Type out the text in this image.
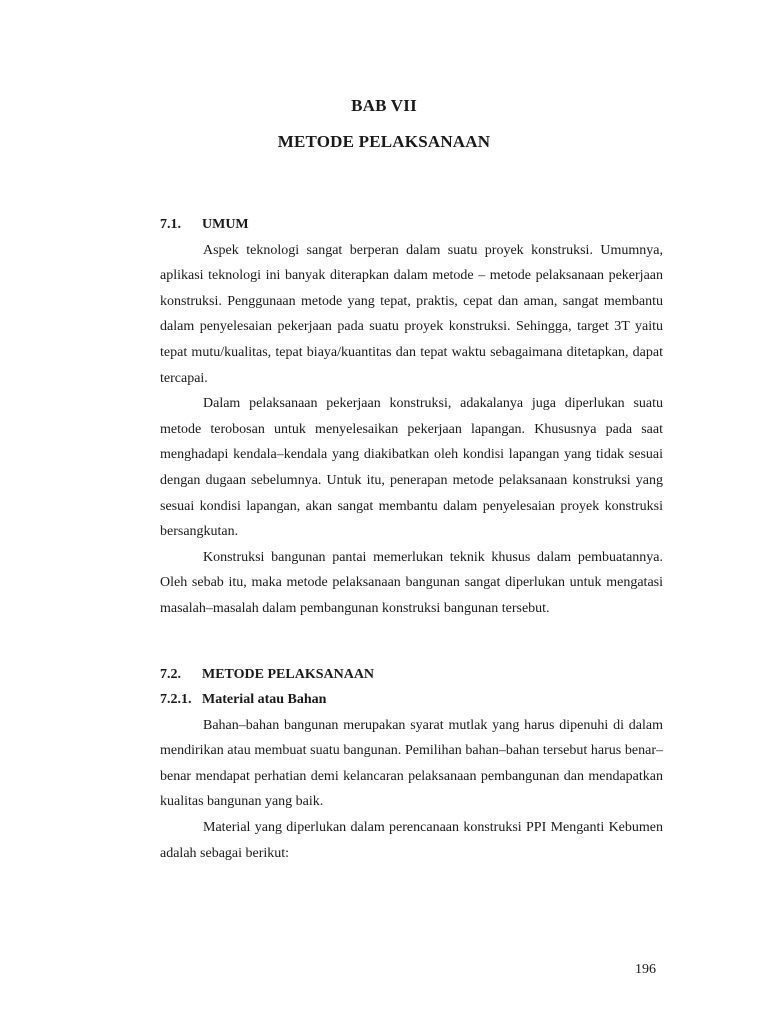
BAB VII
METODE PELAKSANAAN
7.1.	UMUM

Aspek teknologi sangat berperan dalam suatu proyek konstruksi. Umumnya, aplikasi teknologi ini banyak diterapkan dalam metode – metode pelaksanaan pekerjaan konstruksi. Penggunaan metode yang tepat, praktis, cepat dan aman, sangat membantu dalam penyelesaian pekerjaan pada suatu proyek konstruksi. Sehingga, target 3T yaitu tepat mutu/kualitas, tepat biaya/kuantitas dan tepat waktu sebagaimana ditetapkan, dapat tercapai.

Dalam pelaksanaan pekerjaan konstruksi, adakalanya juga diperlukan suatu metode terobosan untuk menyelesaikan pekerjaan lapangan. Khususnya pada saat menghadapi kendala–kendala yang diakibatkan oleh kondisi lapangan yang tidak sesuai dengan dugaan sebelumnya. Untuk itu, penerapan metode pelaksanaan konstruksi yang sesuai kondisi lapangan, akan sangat membantu dalam penyelesaian proyek konstruksi bersangkutan.

Konstruksi bangunan pantai memerlukan teknik khusus dalam pembuatannya. Oleh sebab itu, maka metode pelaksanaan bangunan sangat diperlukan untuk mengatasi masalah–masalah dalam pembangunan konstruksi bangunan tersebut.

7.2.	METODE PELAKSANAAN
7.2.1. Material atau Bahan

Bahan–bahan bangunan merupakan syarat mutlak yang harus dipenuhi di dalam mendirikan atau membuat suatu bangunan. Pemilihan bahan–bahan tersebut harus benar–benar mendapat perhatian demi kelancaran pelaksanaan pembangunan dan mendapatkan kualitas bangunan yang baik.

Material yang diperlukan dalam perencanaan konstruksi PPI Menganti Kebumen adalah sebagai berikut:

196
